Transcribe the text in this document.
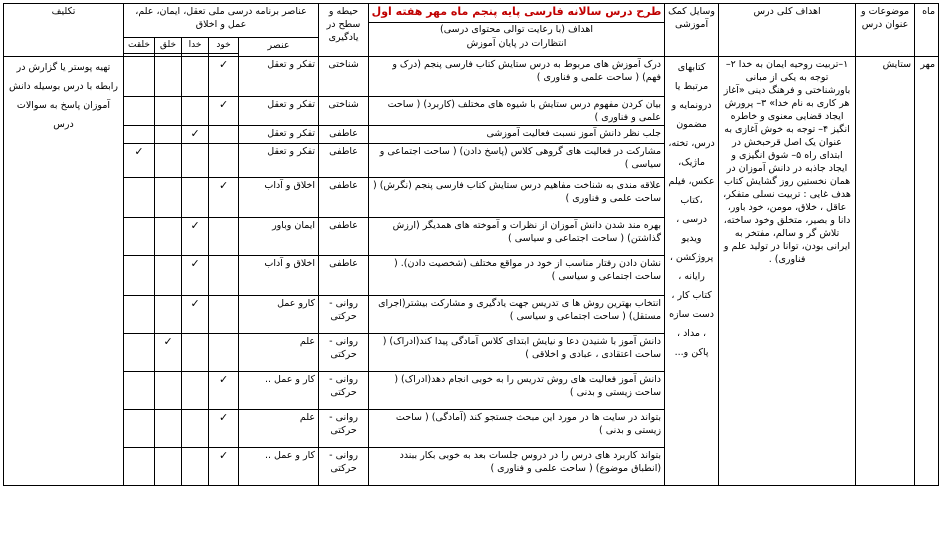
ماه	موضوعات و عنوان درس	اهداف کلی درس	وسایل کمک آموزشی	طرح درس سالانه فارسی پایه پنجم ماه مهر هفته اول
اهداف (با رعایت توالی محتوای درسی)
انتظارات در پایان آموزش	حیطه و سطح در یادگیری	عناصر برنامه درسی ملی تعقل، ایمان، علم، عمل و اخلاق					تکلیف
						عنصر	خود	خدا	خلق	خلقت	

مهر	ستایش	۱–تربیت روحیه ایمان به خدا ۲– توجه به یکی از مبانی باورشناختی و فرهنگ دینی «آغاز هر کاری به نام خدا» ۳– پرورش ایجاد قضایی معنوی و خاطره انگیز ۴– توجه به خوش آغازی به عنوان یک اصل قرحبخش در ابتدای راه ۵– شوق انگیزی و ایجاد جاذبه در دانش آموزان در همان نخستین روز گشایش کتاب هدف غایی : تربیت نسلی متفکر، عاقل ، خلاق، مومن، خود باور، دانا و بصیر، متخلق وخود ساخته، تلاش گر و سالم، مفتخر به ایرانی بودن، توانا در تولید علم و فناوری) .	کتابهای مرتبط یا درونمایه و مضمون درس، تخته، ماژیک، عکس، فیلم ،کتاب درسی ، ویدیو پروژکشن ، رایانه ، کتاب کار ، دست سازه ، مداد ، پاکن و...	درک آموزش های مربوط به درس ستایش کتاب فارسی پنجم (درک و فهم) ( ساحت علمی و فناوری )	شناختی	تفکر و تعقل	✓				تهیه پوستر یا گزارش در رابطه با درس بوسیله دانش آموزان پاسخ به سوالات درس
				بیان کردن مفهوم درس ستایش با شیوه های مختلف (کاربرد) ( ساحت علمی و فناوری )	شناختی	تفکر و تعقل	✓				
				جلب نظر دانش آموز نسبت فعالیت آموزشی	عاطفی	تفکر و تعقل		✓			
				مشارکت در فعالیت های گروهی کلاس (پاسخ دادن) ( ساحت اجتماعی و سیاسی )	عاطفی	تفکر و تعقل				✓	
				علاقه مندی به شناخت مفاهیم درس ستایش کتاب فارسی پنجم (نگرش) ( ساحت علمی و فناوری )	عاطفی	اخلاق و آداب	✓				
				بهره مند شدن دانش آموزان از نظرات و آموخته های همدیگر (ارزش گذاشتن) ( ساحت اجتماعی و سیاسی )	عاطفی	ایمان وباور		✓			
				نشان دادن رفتار مناسب از خود در مواقع مختلف (شخصیت دادن). ( ساحت اجتماعی و سیاسی )	عاطفی	اخلاق و آداب		✓			
				انتخاب بهترین روش ها ی تدریس جهت یادگیری و مشارکت بیشتر(اجرای مستقل) ( ساحت اجتماعی و سیاسی )	روانی - حرکتی	کارو عمل		✓			
				دانش آموز با شنیدن دعا و نیایش ابتدای کلاس آمادگی پیدا کند(ادراک) ( ساحت اعتقادی ، عبادی و اخلاقی )	روانی - حرکتی	علم			✓		
				دانش آموز فعالیت های روش تدریس را به خوبی انجام دهد(ادراک) ( ساحت زیستی و بدنی )	روانی - حرکتی	کار و عمل ..	✓				
				بتواند در سایت ها در مورد این مبحث جستجو کند (آمادگی) ( ساحت زیستی و بدنی )	روانی - حرکتی	علم	✓				
				بتواند کاربرد های درس را در دروس جلسات بعد به خوبی بکار ببندد (انطباق موضوع) ( ساحت علمی و فناوری )	روانی - حرکتی	کار و عمل ..	✓				
